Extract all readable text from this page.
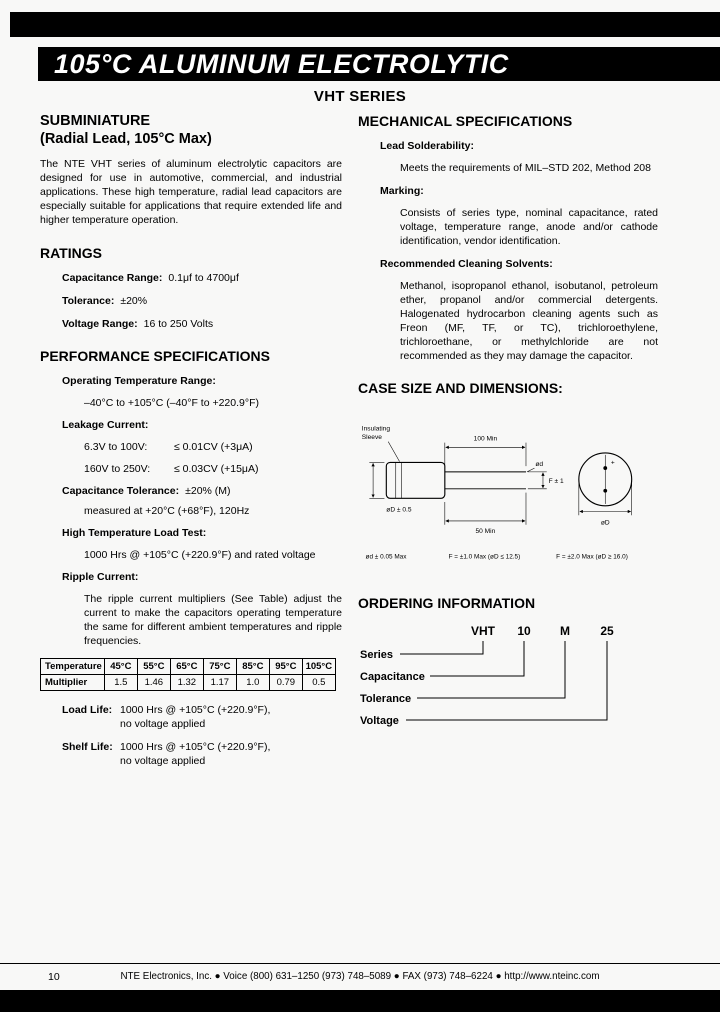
105°C ALUMINUM ELECTROLYTIC
VHT SERIES
SUBMINIATURE
(Radial Lead, 105°C Max)

The NTE VHT series of aluminum electrolytic capacitors are designed for use in automotive, commercial, and industrial applications. These high temperature, radial lead capacitors are especially suitable for applications that require extended life and higher temperature operation.

RATINGS
Capacitance Range: 0.1μf to 4700μf
Tolerance: ±20%
Voltage Range: 16 to 250 Volts
PERFORMANCE SPECIFICATIONS
Operating Temperature Range:
–40°C to +105°C (–40°F to +220.9°F)
Leakage Current:
6.3V to 100V:	≤ 0.01CV (+3μA)
160V to 250V: ≤ 0.03CV (+15μA)
Capacitance Tolerance: ±20% (M)
measured at +20°C (+68°F), 120Hz
High Temperature Load Test:
1000 Hrs @ +105°C (+220.9°F) and rated voltage
Ripple Current:

The ripple current multipliers (See Table) adjust the current to make the capacitors operating temperature the same for different ambient temperatures and ripple frequencies.

Temperature	45°C	55°C	65°C	75°C	85°C	95°C	105°C
Multiplier	1.5	1.46	1.32	1.17	1.0	0.79	0.5
Load Life: 1000 Hrs @ +105°C (+220.9°F),
no voltage applied
Shelf Life: 1000 Hrs @ +105°C (+220.9°F),
no voltage applied
MECHANICAL SPECIFICATIONS
Lead Solderability:
Meets the requirements of MIL–STD 202, Method 208
Marking:
Consists of series type, nominal capacitance, rated voltage, temperature range, anode and/or cathode identification, vendor identification.
Recommended Cleaning Solvents:
Methanol, isopropanol ethanol, isobutanol, petroleum ether, propanol and/or commercial detergents. Halogenated hydrocarbon cleaning agents such as Freon (MF, TF, or TC), trichloroethylene, trichloroethane, or methylchloride are not recommended as they may damage the capacitor.
CASE SIZE AND DIMENSIONS:
Insulating
Sleeve	100 Min
ød
øD ± 0.5
50 Min
F ± 1
+
øD
ød ± 0.05 Max	F = ±1.0 Max (øD ≤ 12.5)	F = ±2.0 Max (øD ≥ 16.0)
ORDERING INFORMATION
VHT 10 M	25
Series
Capacitance
Tolerance
Voltage
10	NTE Electronics, Inc. ● Voice (800) 631–1250 (973) 748–5089 ● FAX (973) 748–6224 ● http://www.nteinc.com
